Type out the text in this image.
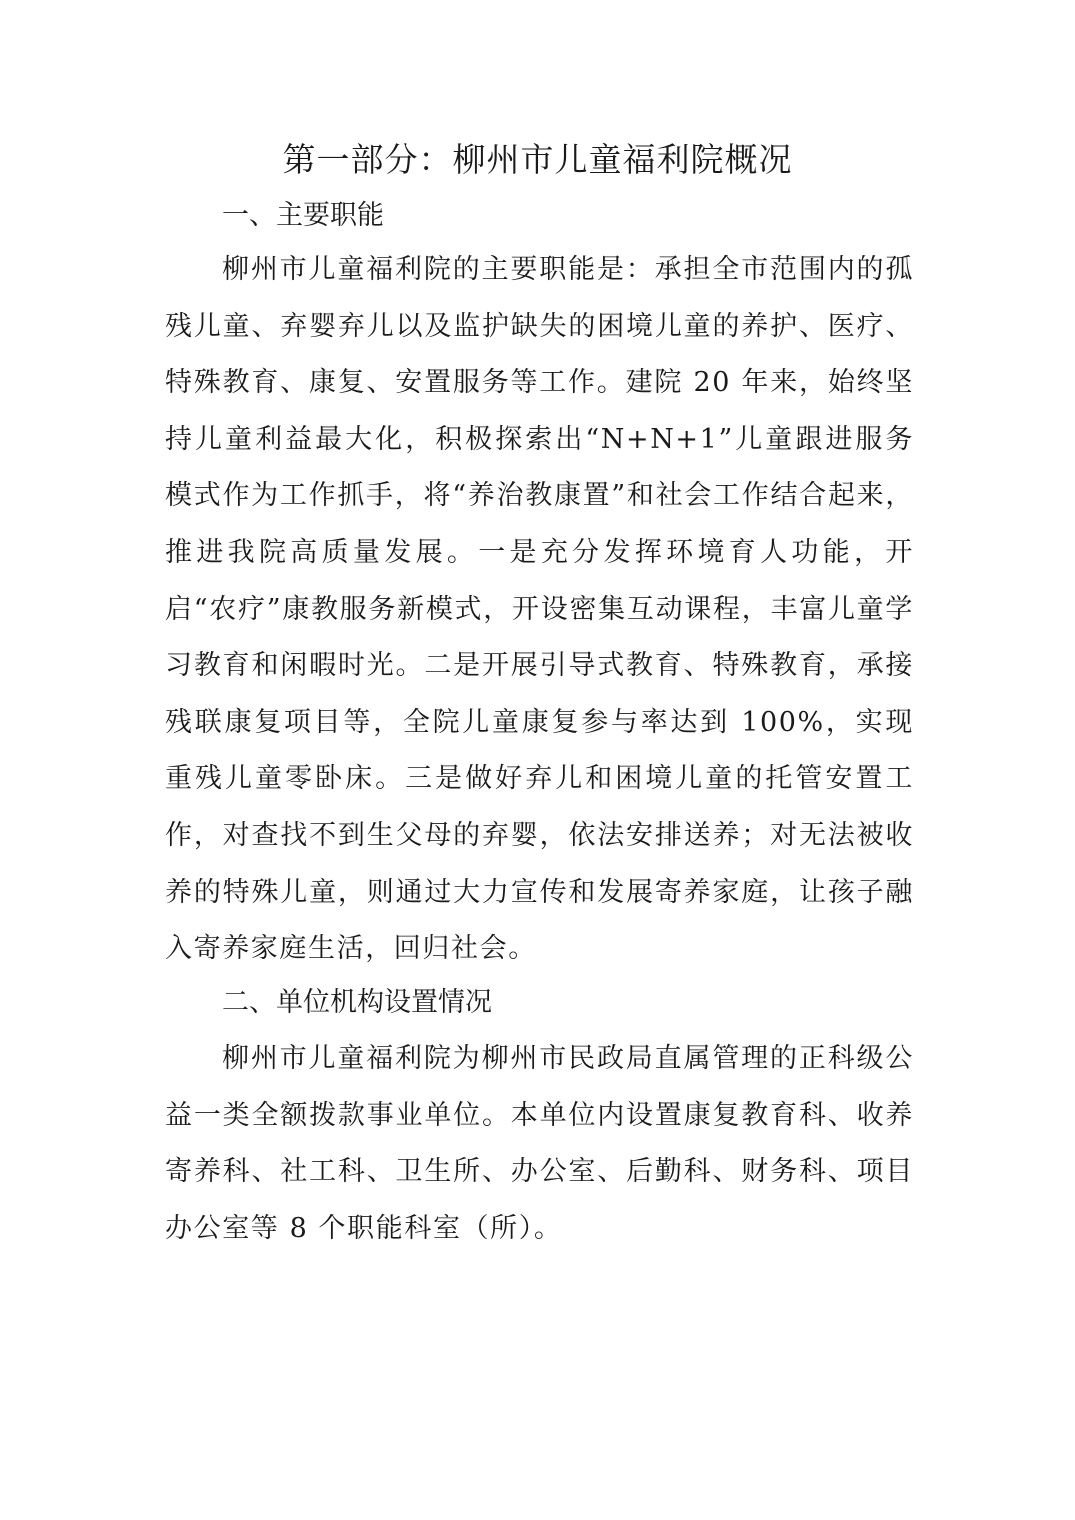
第一部分：柳州市儿童福利院概况
一、主要职能

柳州市儿童福利院的主要职能是：承担全市范围内的孤残儿童、弃婴弃儿以及监护缺失的困境儿童的养护、医疗、特殊教育、康复、安置服务等工作。建院 20 年来，始终坚持儿童利益最大化，积极探索出“N+N+1”儿童跟进服务模式作为工作抓手，将“养治教康置”和社会工作结合起来，推进我院高质量发展。一是充分发挥环境育人功能，开启“农疗”康教服务新模式，开设密集互动课程，丰富儿童学习教育和闲暇时光。二是开展引导式教育、特殊教育，承接残联康复项目等，全院儿童康复参与率达到 100%，实现重残儿童零卧床。三是做好弃儿和困境儿童的托管安置工作，对查找不到生父母的弃婴，依法安排送养；对无法被收养的特殊儿童，则通过大力宣传和发展寄养家庭，让孩子融入寄养家庭生活，回归社会。

二、单位机构设置情况

柳州市儿童福利院为柳州市民政局直属管理的正科级公益一类全额拨款事业单位。本单位内设置康复教育科、收养寄养科、社工科、卫生所、办公室、后勤科、财务科、项目办公室等 8 个职能科室（所）。
